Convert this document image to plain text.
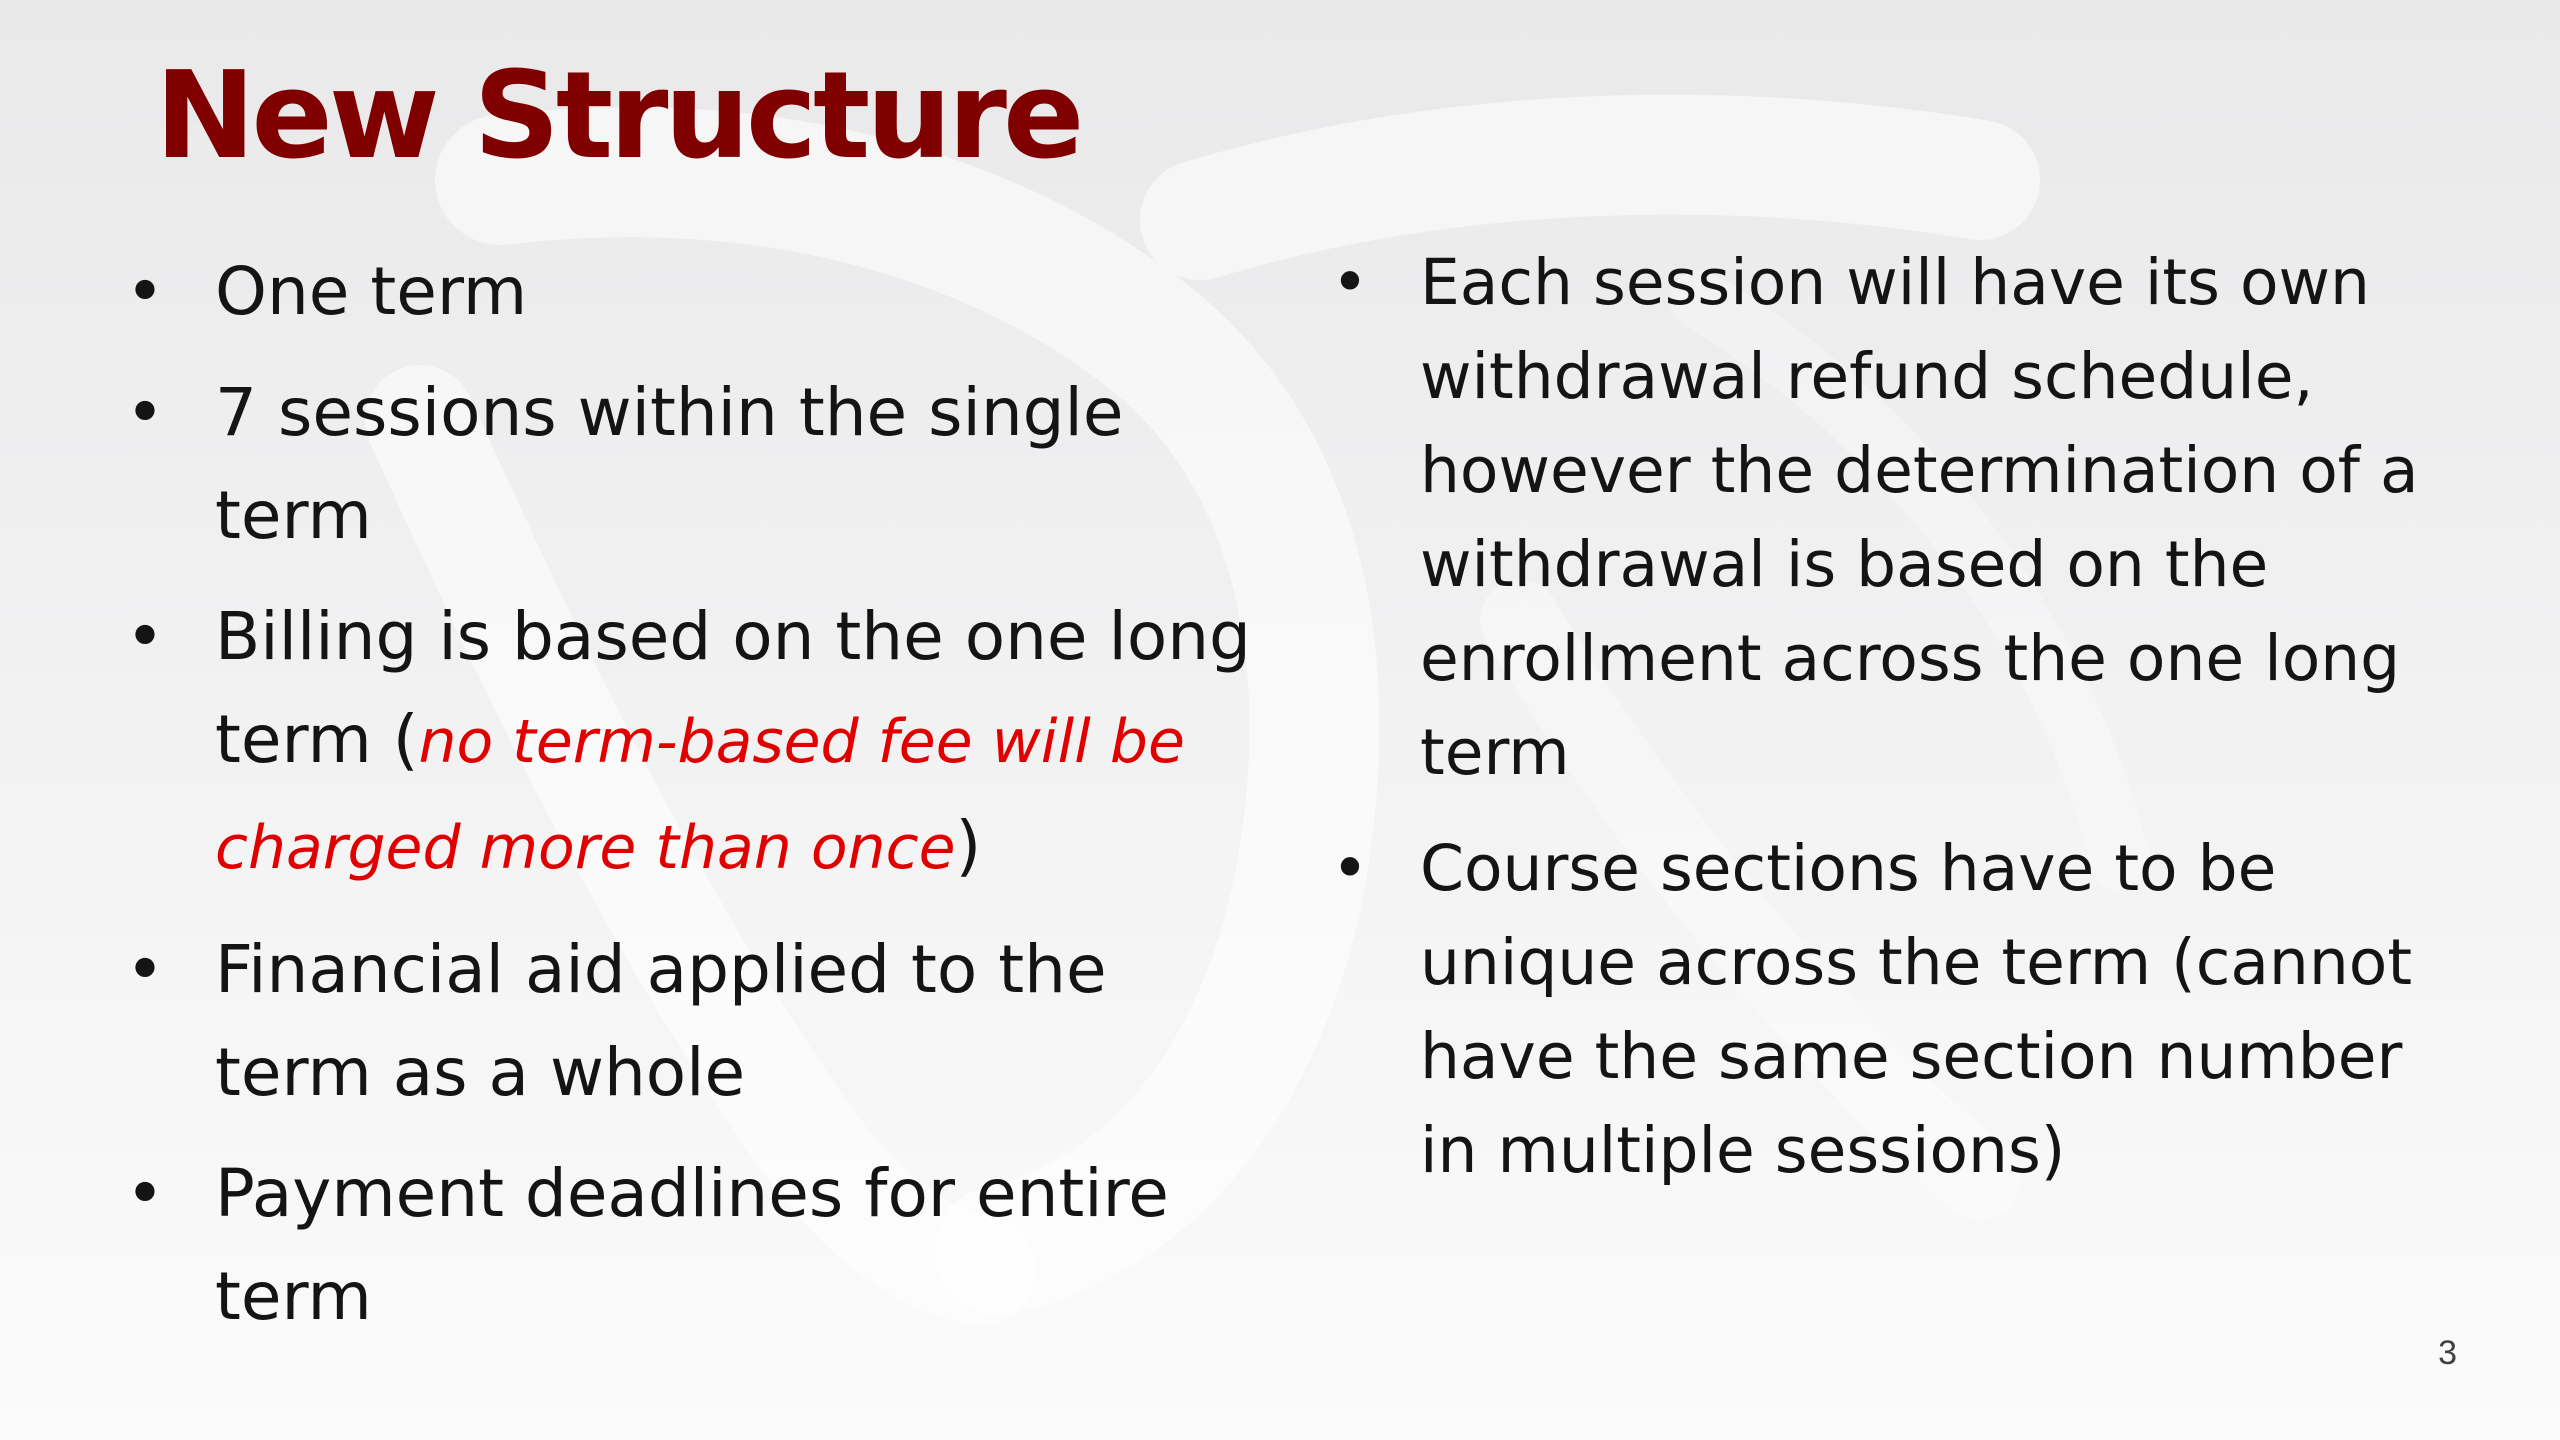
New Structure
• One term
• 7 sessions within the single term
• Billing is based on the one long term (no term-based fee will be charged more than once)
• Financial aid applied to the term as a whole
• Payment deadlines for entire term
• Each session will have its own withdrawal refund schedule, however the determination of a withdrawal is based on the enrollment across the one long term
• Course sections have to be unique across the term (cannot have the same section number in multiple sessions)
3
